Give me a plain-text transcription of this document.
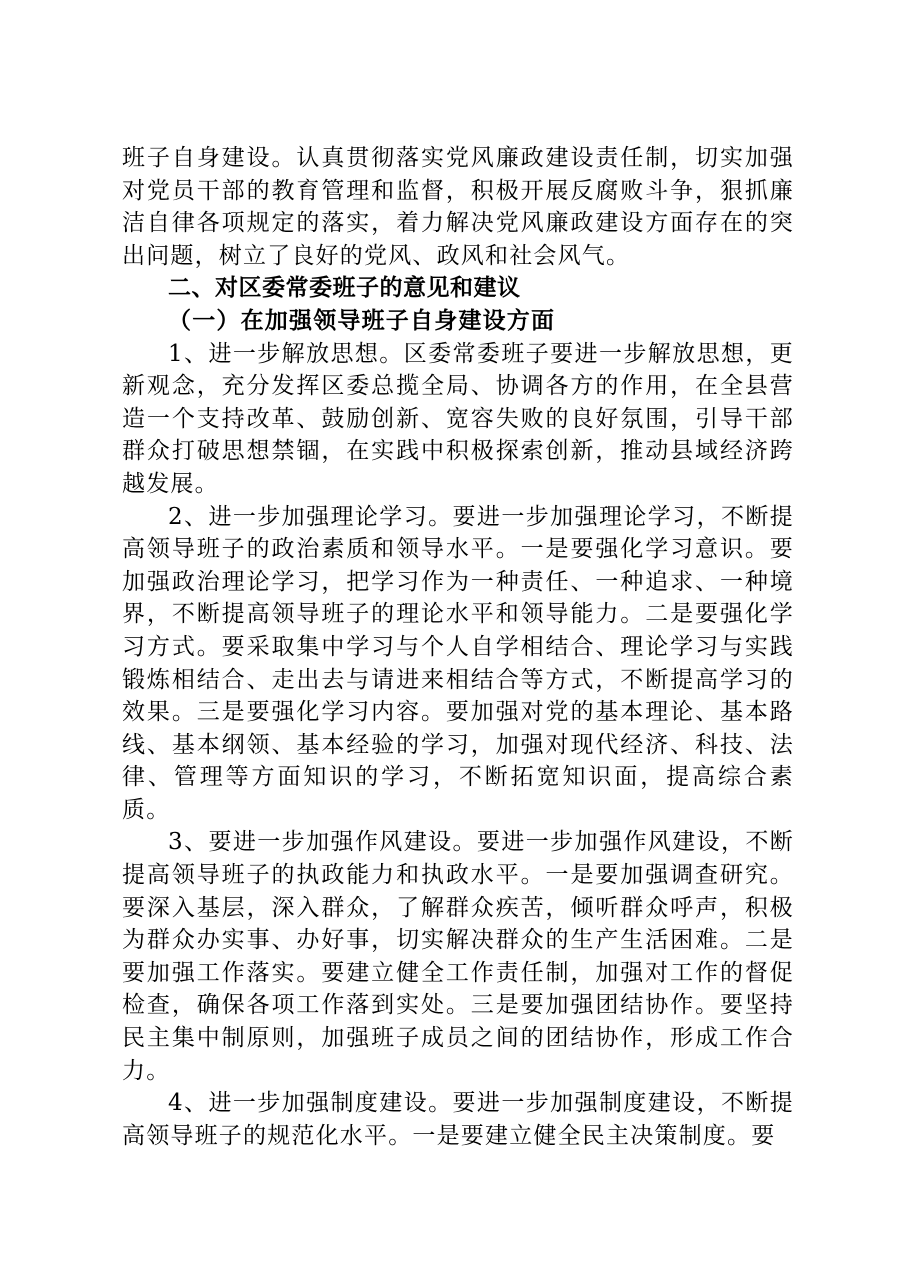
班子自身建设。认真贯彻落实党风廉政建设责任制，切实加强对党员干部的教育管理和监督，积极开展反腐败斗争，狠抓廉洁自律各项规定的落实，着力解决党风廉政建设方面存在的突出问题，树立了良好的党风、政风和社会风气。

二、对区委常委班子的意见和建议

（一）在加强领导班子自身建设方面

1、进一步解放思想。区委常委班子要进一步解放思想，更新观念，充分发挥区委总揽全局、协调各方的作用，在全县营造一个支持改革、鼓励创新、宽容失败的良好氛围，引导干部群众打破思想禁锢，在实践中积极探索创新，推动县域经济跨越发展。

2、进一步加强理论学习。要进一步加强理论学习，不断提高领导班子的政治素质和领导水平。一是要强化学习意识。要加强政治理论学习，把学习作为一种责任、一种追求、一种境界，不断提高领导班子的理论水平和领导能力。二是要强化学习方式。要采取集中学习与个人自学相结合、理论学习与实践锻炼相结合、走出去与请进来相结合等方式，不断提高学习的效果。三是要强化学习内容。要加强对党的基本理论、基本路线、基本纲领、基本经验的学习，加强对现代经济、科技、法律、管理等方面知识的学习，不断拓宽知识面，提高综合素质。

3、要进一步加强作风建设。要进一步加强作风建设，不断提高领导班子的执政能力和执政水平。一是要加强调查研究。要深入基层，深入群众，了解群众疾苦，倾听群众呼声，积极为群众办实事、办好事，切实解决群众的生产生活困难。二是要加强工作落实。要建立健全工作责任制，加强对工作的督促检查，确保各项工作落到实处。三是要加强团结协作。要坚持民主集中制原则，加强班子成员之间的团结协作，形成工作合力。

4、进一步加强制度建设。要进一步加强制度建设，不断提高领导班子的规范化水平。一是要建立健全民主决策制度。要
